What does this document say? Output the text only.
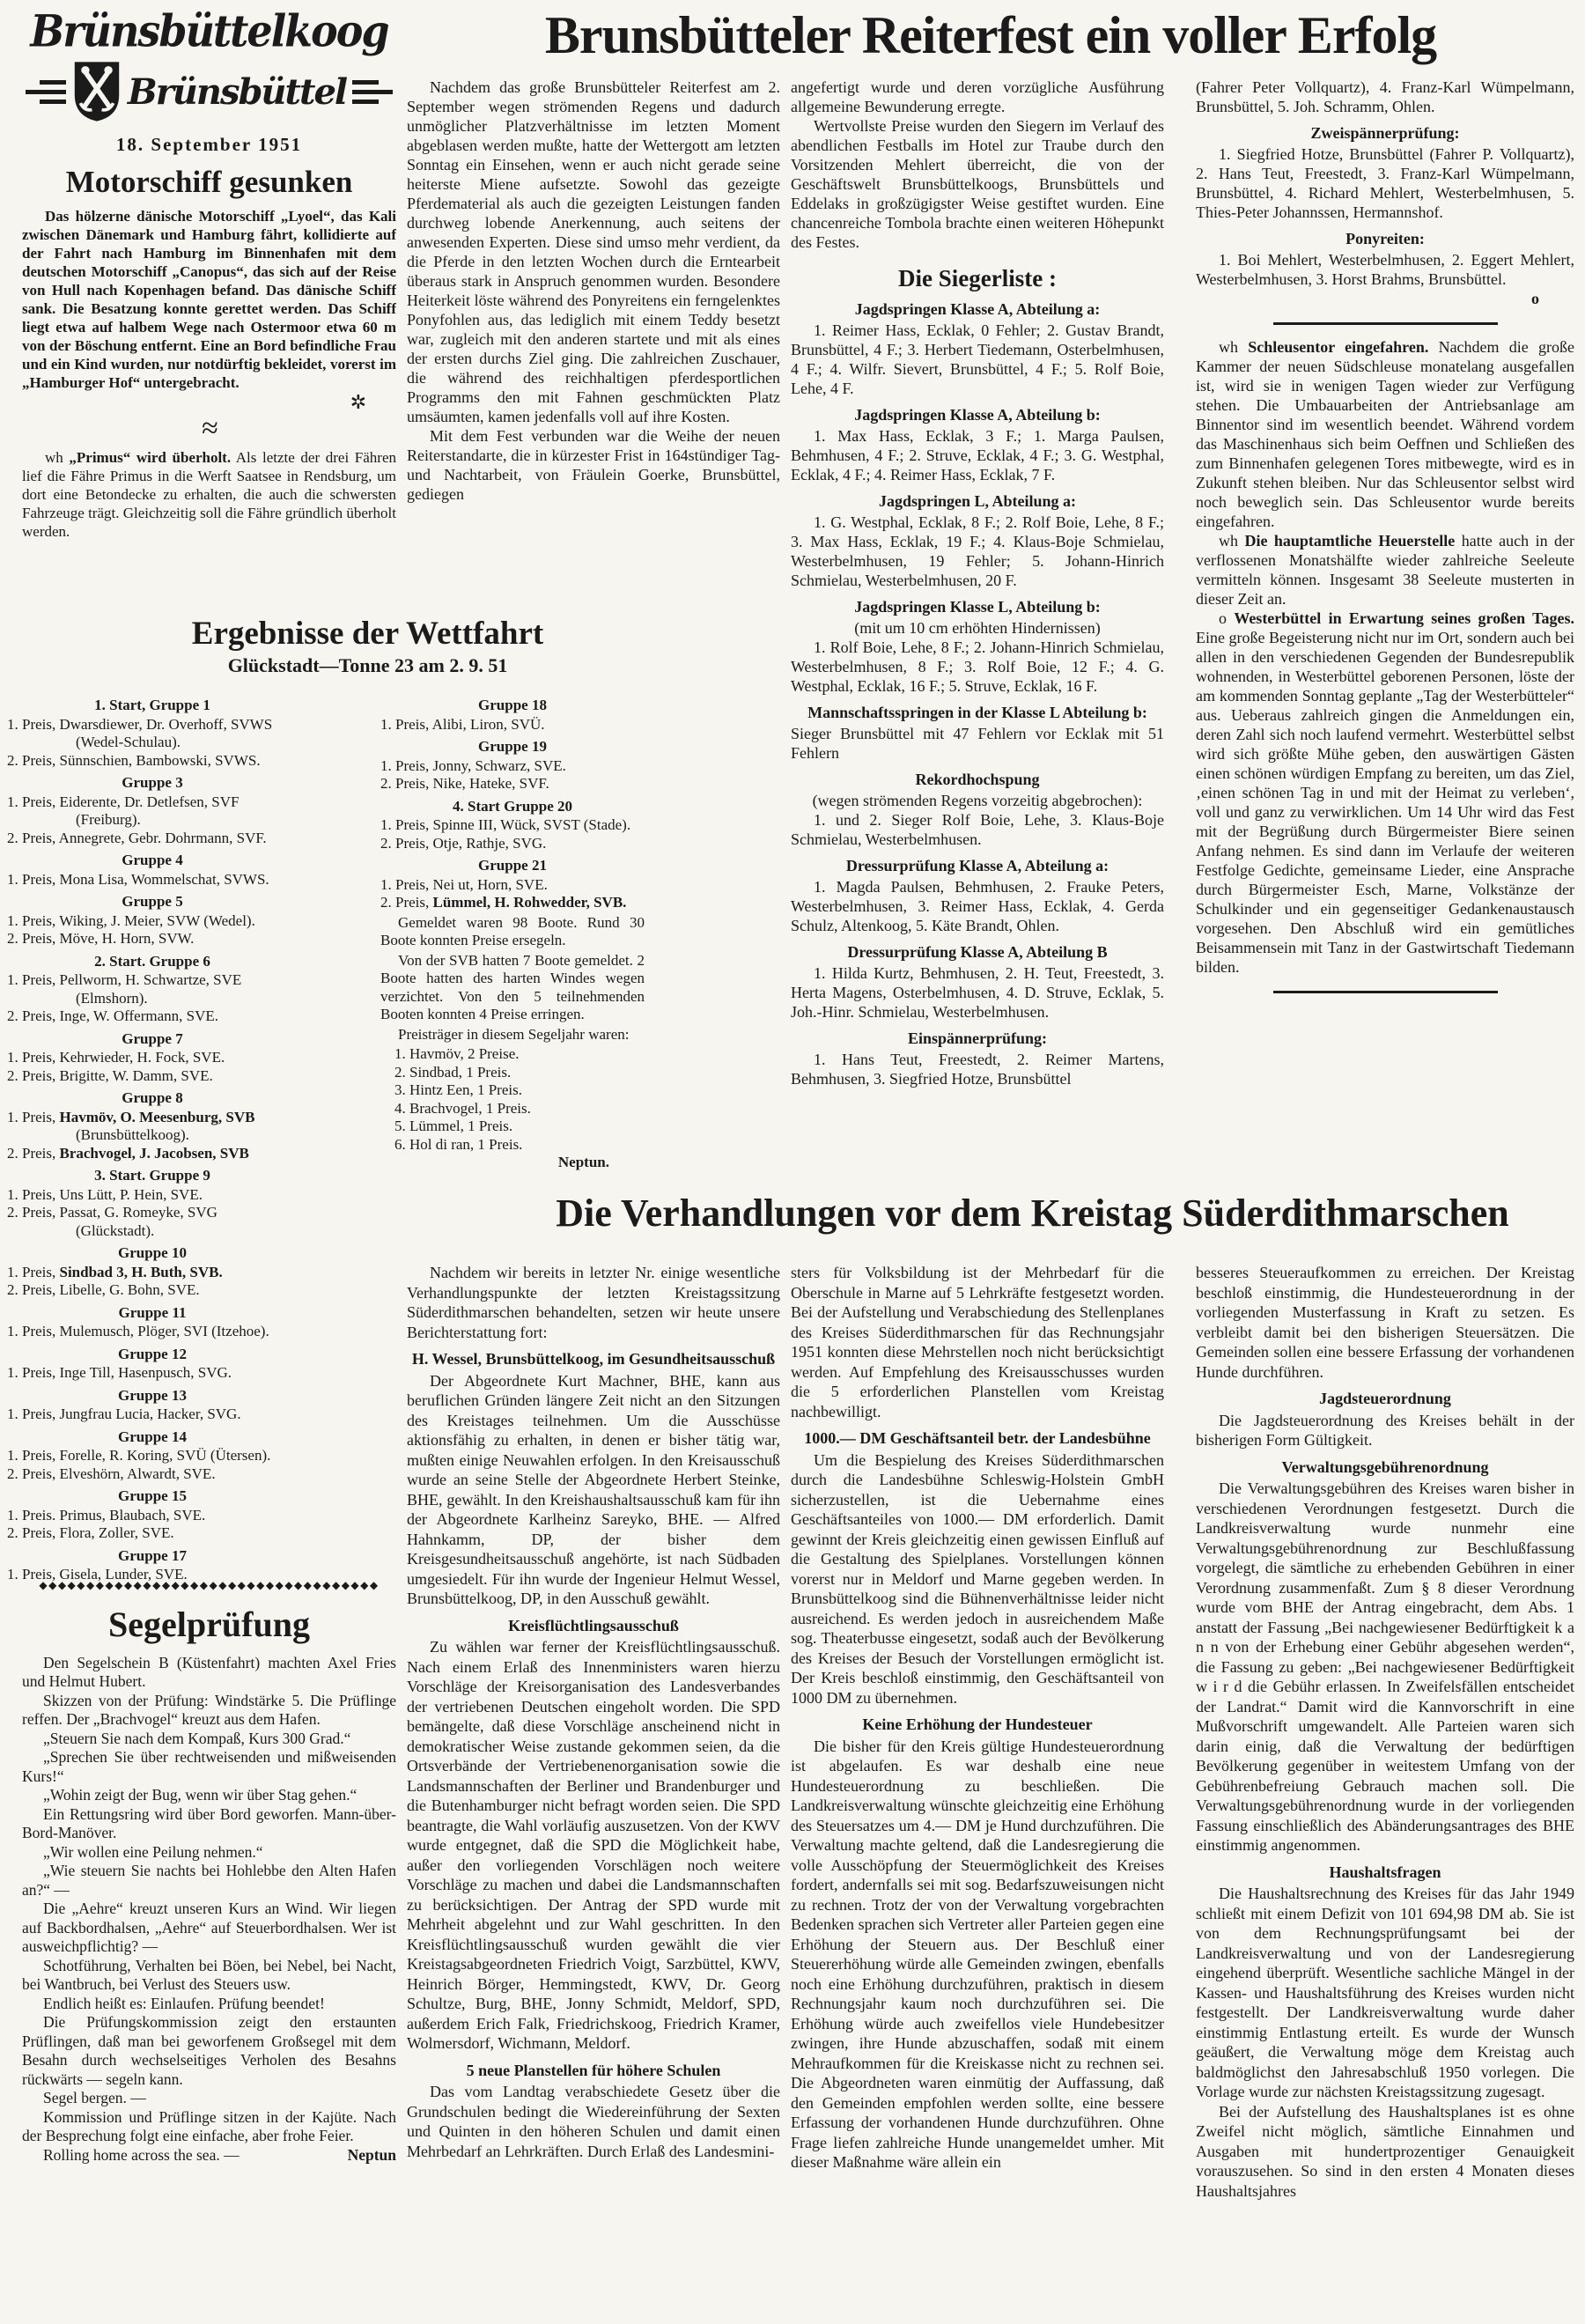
Brünsbüttelkoog
Brünsbüttel
18. September 1951
Motorschiff gesunken
Das hölzerne dänische Motorschiff „Lyoel“, das Kali zwischen Dänemark und Hamburg fährt, kollidierte auf der Fahrt nach Hamburg im Binnenhafen mit dem deutschen Motorschiff „Canopus“, das sich auf der Reise von Hull nach Kopenhagen befand. Das dänische Schiff sank. Die Besatzung konnte gerettet werden. Das Schiff liegt etwa auf halbem Wege nach Ostermoor etwa 60 m von der Böschung entfernt. Eine an Bord befindliche Frau und ein Kind wurden, nur notdürftig bekleidet, vorerst im „Hamburger Hof“ untergebracht.
✲
≈
wh „Primus“ wird überholt. Als letzte der drei Fähren lief die Fähre Primus in die Werft Saatsee in Rendsburg, um dort eine Betondecke zu erhalten, die auch die schwersten Fahrzeuge trägt. Gleichzeitig soll die Fähre gründlich überholt werden.
Brunsbütteler Reiterfest ein voller Erfolg
Nachdem das große Brunsbütteler Reiterfest am 2. September wegen strömenden Regens und dadurch unmöglicher Platzverhältnisse im letzten Moment abgeblasen werden mußte, hatte der Wettergott am letzten Sonntag ein Einsehen, wenn er auch nicht gerade seine heiterste Miene aufsetzte. Sowohl das gezeigte Pferdematerial als auch die gezeigten Leistungen fanden durchweg lobende Anerkennung, auch seitens der anwesenden Experten. Diese sind umso mehr verdient, da die Pferde in den letzten Wochen durch die Erntearbeit überaus stark in Anspruch genommen wurden. Besondere Heiterkeit löste während des Ponyreitens ein ferngelenktes Ponyfohlen aus, das lediglich mit einem Teddy besetzt war, zugleich mit den anderen startete und mit als eines der ersten durchs Ziel ging. Die zahlreichen Zuschauer, die während des reichhaltigen pferdesportlichen Programms den mit Fahnen geschmückten Platz umsäumten, kamen jedenfalls voll auf ihre Kosten.
Mit dem Fest verbunden war die Weihe der neuen Reiterstandarte, die in kürzester Frist in 164stündiger Tag- und Nachtarbeit, von Fräulein Goerke, Brunsbüttel, gediegen
angefertigt wurde und deren vorzügliche Ausführung allgemeine Bewunderung erregte.
Wertvollste Preise wurden den Siegern im Verlauf des abendlichen Festballs im Hotel zur Traube durch den Vorsitzenden Mehlert überreicht, die von der Geschäftswelt Brunsbüttelkoogs, Brunsbüttels und Eddelaks in großzügigster Weise gestiftet wurden. Eine chancenreiche Tombola brachte einen weiteren Höhepunkt des Festes.
Die Siegerliste :
Jagdspringen Klasse A, Abteilung a:
1. Reimer Hass, Ecklak, 0 Fehler; 2. Gustav Brandt, Brunsbüttel, 4 F.; 3. Herbert Tiedemann, Osterbelmhusen, 4 F.; 4. Wilfr. Sievert, Brunsbüttel, 4 F.; 5. Rolf Boie, Lehe, 4 F.
Jagdspringen Klasse A, Abteilung b:
1. Max Hass, Ecklak, 3 F.; 1. Marga Paulsen, Behmhusen, 4 F.; 2. Struve, Ecklak, 4 F.; 3. G. Westphal, Ecklak, 4 F.; 4. Reimer Hass, Ecklak, 7 F.
Jagdspringen L, Abteilung a:
1. G. Westphal, Ecklak, 8 F.; 2. Rolf Boie, Lehe, 8 F.; 3. Max Hass, Ecklak, 19 F.; 4. Klaus-Boje Schmielau, Westerbelmhusen, 19 Fehler; 5. Johann-Hinrich Schmielau, Westerbelmhusen, 20 F.
Jagdspringen Klasse L, Abteilung b:
(mit um 10 cm erhöhten Hindernissen)
1. Rolf Boie, Lehe, 8 F.; 2. Johann-Hinrich Schmielau, Westerbelmhusen, 8 F.; 3. Rolf Boie, 12 F.; 4. G. Westphal, Ecklak, 16 F.; 5. Struve, Ecklak, 16 F.
Mannschaftsspringen in der Klasse L Abteilung b:
Sieger Brunsbüttel mit 47 Fehlern vor Ecklak mit 51 Fehlern
Rekordhochspung
(wegen strömenden Regens vorzeitig abgebrochen):
1. und 2. Sieger Rolf Boie, Lehe, 3. Klaus-Boje Schmielau, Westerbelmhusen.
Dressurprüfung Klasse A, Abteilung a:
1. Magda Paulsen, Behmhusen, 2. Frauke Peters, Westerbelmhusen, 3. Reimer Hass, Ecklak, 4. Gerda Schulz, Altenkoog, 5. Käte Brandt, Ohlen.
Dressurprüfung Klasse A, Abteilung B
1. Hilda Kurtz, Behmhusen, 2. H. Teut, Freestedt, 3. Herta Magens, Osterbelmhusen, 4. D. Struve, Ecklak, 5. Joh.-Hinr. Schmielau, Westerbelmhusen.
Einspännerprüfung:
1. Hans Teut, Freestedt, 2. Reimer Martens, Behmhusen, 3. Siegfried Hotze, Brunsbüttel
(Fahrer Peter Vollquartz), 4. Franz-Karl Wümpelmann, Brunsbüttel, 5. Joh. Schramm, Ohlen.
Zweispännerprüfung:
1. Siegfried Hotze, Brunsbüttel (Fahrer P. Vollquartz), 2. Hans Teut, Freestedt, 3. Franz-Karl Wümpelmann, Brunsbüttel, 4. Richard Mehlert, Westerbelmhusen, 5. Thies-Peter Johannssen, Hermannshof.
Ponyreiten:
1. Boi Mehlert, Westerbelmhusen, 2. Eggert Mehlert, Westerbelmhusen, 3. Horst Brahms, Brunsbüttel.
o
wh Schleusentor eingefahren. Nachdem die große Kammer der neuen Südschleuse monatelang ausgefallen ist, wird sie in wenigen Tagen wieder zur Verfügung stehen. Die Umbauarbeiten der Antriebsanlage am Binnentor sind im wesentlich beendet. Während vordem das Maschinenhaus sich beim Oeffnen und Schließen des zum Binnenhafen gelegenen Tores mitbewegte, wird es in Zukunft stehen bleiben. Nur das Schleusentor selbst wird noch beweglich sein. Das Schleusentor wurde bereits eingefahren.
wh Die hauptamtliche Heuerstelle hatte auch in der verflossenen Monatshälfte wieder zahlreiche Seeleute vermitteln können. Insgesamt 38 Seeleute musterten in dieser Zeit an.
o Westerbüttel in Erwartung seines großen Tages. Eine große Begeisterung nicht nur im Ort, sondern auch bei allen in den verschiedenen Gegenden der Bundesrepublik wohnenden, in Westerbüttel geborenen Personen, löste der am kommenden Sonntag geplante „Tag der Westerbütteler“ aus. Ueberaus zahlreich gingen die Anmeldungen ein, deren Zahl sich noch laufend vermehrt. Westerbüttel selbst wird sich größte Mühe geben, den auswärtigen Gästen einen schönen würdigen Empfang zu bereiten, um das Ziel, ‚einen schönen Tag in und mit der Heimat zu verleben‘, voll und ganz zu verwirklichen. Um 14 Uhr wird das Fest mit der Begrüßung durch Bürgermeister Biere seinen Anfang nehmen. Es sind dann im Verlaufe der weiteren Festfolge Gedichte, gemeinsame Lieder, eine Ansprache durch Bürgermeister Esch, Marne, Volkstänze der Schulkinder und ein gegenseitiger Gedankenaustausch vorgesehen. Den Abschluß wird ein gemütliches Beisammensein mit Tanz in der Gastwirtschaft Tiedemann bilden.
Ergebnisse der Wettfahrt
Glückstadt—Tonne 23 am 2. 9. 51
1. Start, Gruppe 1
1. Preis, Dwarsdiewer, Dr. Overhoff, SVWS (Wedel-Schulau).
2. Preis, Sünnschien, Bambowski, SVWS.
Gruppe 3
1. Preis, Eiderente, Dr. Detlefsen, SVF (Freiburg).
2. Preis, Annegrete, Gebr. Dohrmann, SVF.
Gruppe 4
1. Preis, Mona Lisa, Wommelschat, SVWS.
Gruppe 5
1. Preis, Wiking, J. Meier, SVW (Wedel).
2. Preis, Möve, H. Horn, SVW.
2. Start. Gruppe 6
1. Preis, Pellworm, H. Schwartze, SVE (Elmshorn).
2. Preis, Inge, W. Offermann, SVE.
Gruppe 7
1. Preis, Kehrwieder, H. Fock, SVE.
2. Preis, Brigitte, W. Damm, SVE.
Gruppe 8
1. Preis, Havmöv, O. Meesenburg, SVB (Brunsbüttelkoog).
2. Preis, Brachvogel, J. Jacobsen, SVB
3. Start. Gruppe 9
1. Preis, Uns Lütt, P. Hein, SVE.
2. Preis, Passat, G. Romeyke, SVG (Glückstadt).
Gruppe 10
1. Preis, Sindbad 3, H. Buth, SVB.
2. Preis, Libelle, G. Bohn, SVE.
Gruppe 11
1. Preis, Mulemusch, Plöger, SVI (Itzehoe).
Gruppe 12
1. Preis, Inge Till, Hasenpusch, SVG.
Gruppe 13
1. Preis, Jungfrau Lucia, Hacker, SVG.
Gruppe 14
1. Preis, Forelle, R. Koring, SVÜ (Ütersen).
2. Preis, Elveshörn, Alwardt, SVE.
Gruppe 15
1. Preis. Primus, Blaubach, SVE.
2. Preis, Flora, Zoller, SVE.
Gruppe 17
1. Preis, Gisela, Lunder, SVE.
Gruppe 18
1. Preis, Alibi, Liron, SVÜ.
Gruppe 19
1. Preis, Jonny, Schwarz, SVE.
2. Preis, Nike, Hateke, SVF.
4. Start Gruppe 20
1. Preis, Spinne III, Wück, SVST (Stade).
2. Preis, Otje, Rathje, SVG.
Gruppe 21
1. Preis, Nei ut, Horn, SVE.
2. Preis, Lümmel, H. Rohwedder, SVB.
Gemeldet waren 98 Boote. Rund 30 Boote konnten Preise ersegeln.
Von der SVB hatten 7 Boote gemeldet. 2 Boote hatten des harten Windes wegen verzichtet. Von den 5 teilnehmenden Booten konnten 4 Preise erringen.
Preisträger in diesem Segeljahr waren:
1. Havmöv, 2 Preise.
2. Sindbad, 1 Preis.
3. Hintz Een, 1 Preis.
4. Brachvogel, 1 Preis.
5. Lümmel, 1 Preis.
6. Hol di ran, 1 Preis.
Neptun.
Die Verhandlungen vor dem Kreistag Süderdithmarschen
Nachdem wir bereits in letzter Nr. einige wesentliche Verhandlungspunkte der letzten Kreistagssitzung Süderdithmarschen behandelten, setzen wir heute unsere Berichterstattung fort:
H. Wessel, Brunsbüttelkoog, im Gesundheitsausschuß
Der Abgeordnete Kurt Machner, BHE, kann aus beruflichen Gründen längere Zeit nicht an den Sitzungen des Kreistages teilnehmen. Um die Ausschüsse aktionsfähig zu erhalten, in denen er bisher tätig war, mußten einige Neuwahlen erfolgen. In den Kreisausschuß wurde an seine Stelle der Abgeordnete Herbert Steinke, BHE, gewählt. In den Kreishaushaltsausschuß kam für ihn der Abgeordnete Karlheinz Sareyko, BHE. — Alfred Hahnkamm, DP, der bisher dem Kreisgesundheitsausschuß angehörte, ist nach Südbaden umgesiedelt. Für ihn wurde der Ingenieur Helmut Wessel, Brunsbüttelkoog, DP, in den Ausschuß gewählt.
Kreisflüchtlingsausschuß
Zu wählen war ferner der Kreisflüchtlingsausschuß. Nach einem Erlaß des Innenministers waren hierzu Vorschläge der Kreisorganisation des Landesverbandes der vertriebenen Deutschen eingeholt worden. Die SPD bemängelte, daß diese Vorschläge anscheinend nicht in demokratischer Weise zustande gekommen seien, da die Ortsverbände der Vertriebenenorganisation sowie die Landsmannschaften der Berliner und Brandenburger und die Butenhamburger nicht befragt worden seien. Die SPD beantragte, die Wahl vorläufig auszusetzen. Von der KWV wurde entgegnet, daß die SPD die Möglichkeit habe, außer den vorliegenden Vorschlägen noch weitere Vorschläge zu machen und dabei die Landsmannschaften zu berücksichtigen. Der Antrag der SPD wurde mit Mehrheit abgelehnt und zur Wahl geschritten. In den Kreisflüchtlingsausschuß wurden gewählt die vier Kreistagsabgeordneten Friedrich Voigt, Sarzbüttel, KWV, Heinrich Börger, Hemmingstedt, KWV, Dr. Georg Schultze, Burg, BHE, Jonny Schmidt, Meldorf, SPD, außerdem Erich Falk, Friedrichskoog, Friedrich Kramer, Wolmersdorf, Wichmann, Meldorf.
5 neue Planstellen für höhere Schulen
Das vom Landtag verabschiedete Gesetz über die Grundschulen bedingt die Wiedereinführung der Sexten und Quinten in den höheren Schulen und damit einen Mehrbedarf an Lehrkräften. Durch Erlaß des Landesmini-
sters für Volksbildung ist der Mehrbedarf für die Oberschule in Marne auf 5 Lehrkräfte festgesetzt worden. Bei der Aufstellung und Verabschiedung des Stellenplanes des Kreises Süderdithmarschen für das Rechnungsjahr 1951 konnten diese Mehrstellen noch nicht berücksichtigt werden. Auf Empfehlung des Kreisausschusses wurden die 5 erforderlichen Planstellen vom Kreistag nachbewilligt.
1000.— DM Geschäftsanteil betr. der Landesbühne
Um die Bespielung des Kreises Süderdithmarschen durch die Landesbühne Schleswig-Holstein GmbH sicherzustellen, ist die Uebernahme eines Geschäftsanteiles von 1000.— DM erforderlich. Damit gewinnt der Kreis gleichzeitig einen gewissen Einfluß auf die Gestaltung des Spielplanes. Vorstellungen können vorerst nur in Meldorf und Marne gegeben werden. In Brunsbüttelkoog sind die Bühnenverhältnisse leider nicht ausreichend. Es werden jedoch in ausreichendem Maße sog. Theaterbusse eingesetzt, sodaß auch der Bevölkerung des Kreises der Besuch der Vorstellungen ermöglicht ist. Der Kreis beschloß einstimmig, den Geschäftsanteil von 1000 DM zu übernehmen.
Keine Erhöhung der Hundesteuer
Die bisher für den Kreis gültige Hundesteuerordnung ist abgelaufen. Es war deshalb eine neue Hundesteuerordnung zu beschließen. Die Landkreisverwaltung wünschte gleichzeitig eine Erhöhung des Steuersatzes um 4.— DM je Hund durchzuführen. Die Verwaltung machte geltend, daß die Landesregierung die volle Ausschöpfung der Steuermöglichkeit des Kreises fordert, andernfalls sei mit sog. Bedarfszuweisungen nicht zu rechnen. Trotz der von der Verwaltung vorgebrachten Bedenken sprachen sich Vertreter aller Parteien gegen eine Erhöhung der Steuern aus. Der Beschluß einer Steuererhöhung würde alle Gemeinden zwingen, ebenfalls noch eine Erhöhung durchzuführen, praktisch in diesem Rechnungsjahr kaum noch durchzuführen sei. Die Erhöhung würde auch zweifellos viele Hundebesitzer zwingen, ihre Hunde abzuschaffen, sodaß mit einem Mehraufkommen für die Kreiskasse nicht zu rechnen sei. Die Abgeordneten waren einmütig der Auffassung, daß den Gemeinden empfohlen werden sollte, eine bessere Erfassung der vorhandenen Hunde durchzuführen. Ohne Frage liefen zahlreiche Hunde unangemeldet umher. Mit dieser Maßnahme wäre allein ein
besseres Steueraufkommen zu erreichen. Der Kreistag beschloß einstimmig, die Hundesteuerordnung in der vorliegenden Musterfassung in Kraft zu setzen. Es verbleibt damit bei den bisherigen Steuersätzen. Die Gemeinden sollen eine bessere Erfassung der vorhandenen Hunde durchführen.
Jagdsteuerordnung
Die Jagdsteuerordnung des Kreises behält in der bisherigen Form Gültigkeit.
Verwaltungsgebührenordnung
Die Verwaltungsgebühren des Kreises waren bisher in verschiedenen Verordnungen festgesetzt. Durch die Landkreisverwaltung wurde nunmehr eine Verwaltungsgebührenordnung zur Beschlußfassung vorgelegt, die sämtliche zu erhebenden Gebühren in einer Verordnung zusammenfaßt. Zum § 8 dieser Verordnung wurde vom BHE der Antrag eingebracht, dem Abs. 1 anstatt der Fassung „Bei nachgewiesener Bedürftigkeit k a n n von der Erhebung einer Gebühr abgesehen werden“, die Fassung zu geben: „Bei nachgewiesener Bedürftigkeit w i r d die Gebühr erlassen. In Zweifelsfällen entscheidet der Landrat.“ Damit wird die Kannvorschrift in eine Mußvorschrift umgewandelt. Alle Parteien waren sich darin einig, daß die Verwaltung der bedürftigen Bevölkerung gegenüber in weitestem Umfang von der Gebührenbefreiung Gebrauch machen soll. Die Verwaltungsgebührenordnung wurde in der vorliegenden Fassung einschließlich des Abänderungsantrages des BHE einstimmig angenommen.
Haushaltsfragen
Die Haushaltsrechnung des Kreises für das Jahr 1949 schließt mit einem Defizit von 101 694,98 DM ab. Sie ist von dem Rechnungsprüfungsamt bei der Landkreisverwaltung und von der Landesregierung eingehend überprüft. Wesentliche sachliche Mängel in der Kassen- und Haushaltsführung des Kreises wurden nicht festgestellt. Der Landkreisverwaltung wurde daher einstimmig Entlastung erteilt. Es wurde der Wunsch geäußert, die Verwaltung möge dem Kreistag auch baldmöglichst den Jahresabschluß 1950 vorlegen. Die Vorlage wurde zur nächsten Kreistagssitzung zugesagt.
Bei der Aufstellung des Haushaltsplanes ist es ohne Zweifel nicht möglich, sämtliche Einnahmen und Ausgaben mit hundertprozentiger Genauigkeit vorauszusehen. So sind in den ersten 4 Monaten dieses Haushaltsjahres
◆◆◆◆◆◆◆◆◆◆◆◆◆◆◆◆◆◆◆◆◆◆◆◆◆◆◆◆◆◆◆◆◆◆◆◆
Segelprüfung
Den Segelschein B (Küstenfahrt) machten Axel Fries und Helmut Hubert.
Skizzen von der Prüfung: Windstärke 5. Die Prüflinge reffen. Der „Brachvogel“ kreuzt aus dem Hafen.
„Steuern Sie nach dem Kompaß, Kurs 300 Grad.“
„Sprechen Sie über rechtweisenden und mißweisenden Kurs!“
„Wohin zeigt der Bug, wenn wir über Stag gehen.“
Ein Rettungsring wird über Bord geworfen. Mann-über-Bord-Manöver.
„Wir wollen eine Peilung nehmen.“
„Wie steuern Sie nachts bei Hohlebbe den Alten Hafen an?“ —
Die „Aehre“ kreuzt unseren Kurs an Wind. Wir liegen auf Backbordhalsen, „Aehre“ auf Steuerbordhalsen. Wer ist ausweichpflichtig? —
Schotführung, Verhalten bei Böen, bei Nebel, bei Nacht, bei Wantbruch, bei Verlust des Steuers usw.
Endlich heißt es: Einlaufen. Prüfung beendet!
Die Prüfungskommission zeigt den erstaunten Prüflingen, daß man bei geworfenem Großsegel mit dem Besahn durch wechselseitiges Verholen des Besahns rückwärts — segeln kann.
Segel bergen. —
Kommission und Prüflinge sitzen in der Kajüte. Nach der Besprechung folgt eine einfache, aber frohe Feier.
Neptun
Rolling home across the sea. —
